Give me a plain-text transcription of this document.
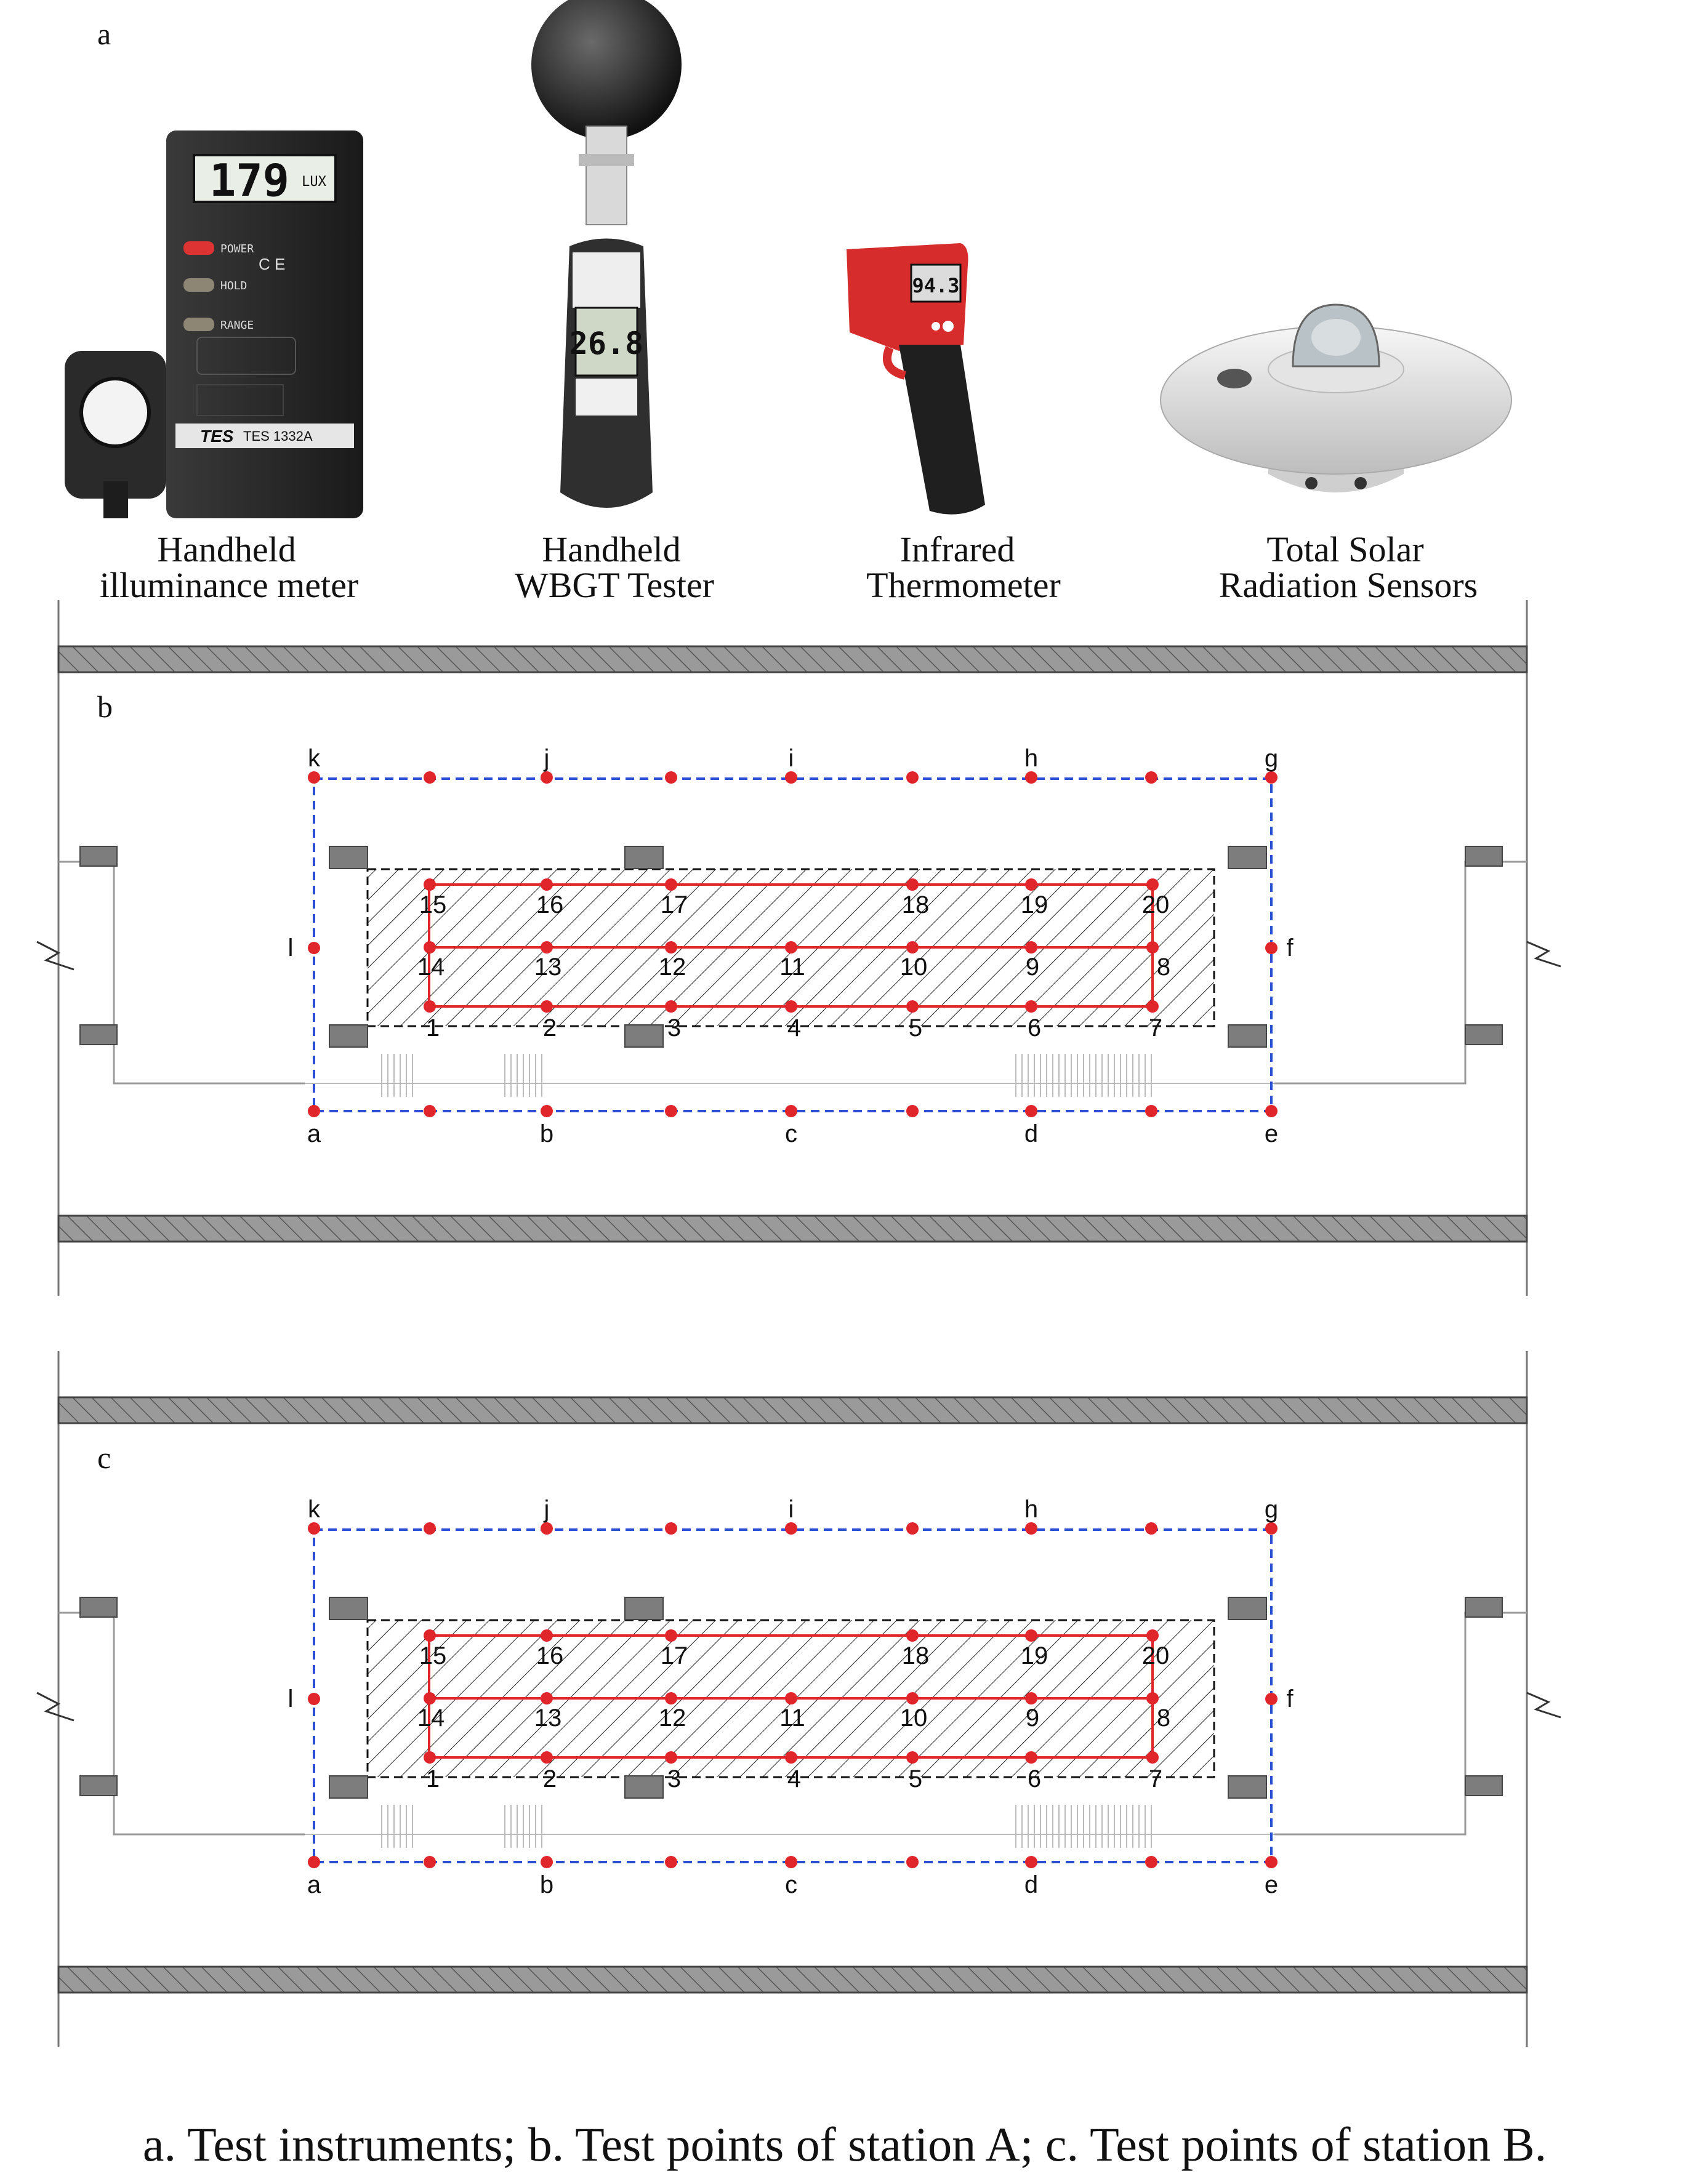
a
179 LUX
POWER
C E
HOLD
RANGE
TES TES 1332A
Handheld
illuminance meter
26.8
Handheld
WBGT Tester
94.3
Infrared
Thermometer
Total Solar
Radiation Sensors
b
k	j	i	h	g
a	b	c	d	e
l	f
1	2	3	4	5	6	7
14	13	12	11	10	9	8
15	16	17	18	19	20
c
k	j	i	h	g
a	b	c	d	e
l	f
1	2	3	4	5	6	7
14	13	12	11	10	9	8
15	16	17	18	19	20
a. Test instruments; b. Test points of station A; c. Test points of station B.
